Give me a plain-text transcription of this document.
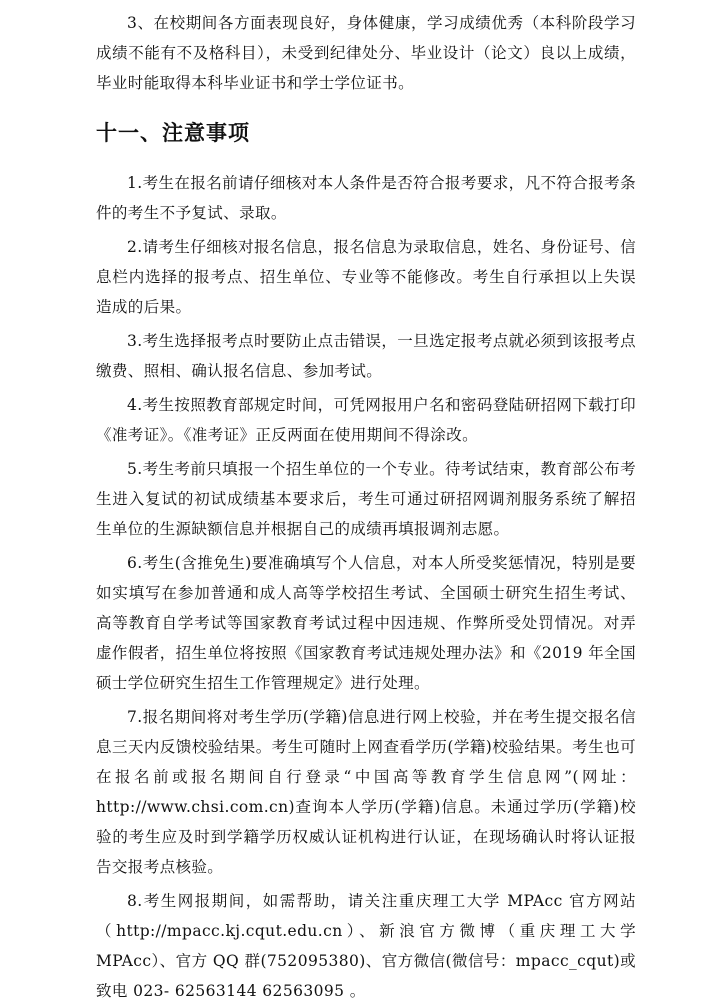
3、在校期间各方面表现良好，身体健康，学习成绩优秀（本科阶段学习成绩不能有不及格科目），未受到纪律处分、毕业设计（论文）良以上成绩，毕业时能取得本科毕业证书和学士学位证书。

十一、注意事项

1.考生在报名前请仔细核对本人条件是否符合报考要求，凡不符合报考条件的考生不予复试、录取。

2.请考生仔细核对报名信息，报名信息为录取信息，姓名、身份证号、信息栏内选择的报考点、招生单位、专业等不能修改。考生自行承担以上失误造成的后果。

3.考生选择报考点时要防止点击错误，一旦选定报考点就必须到该报考点缴费、照相、确认报名信息、参加考试。

4.考生按照教育部规定时间，可凭网报用户名和密码登陆研招网下载打印《准考证》。《准考证》正反两面在使用期间不得涂改。

5.考生考前只填报一个招生单位的一个专业。待考试结束，教育部公布考生进入复试的初试成绩基本要求后，考生可通过研招网调剂服务系统了解招生单位的生源缺额信息并根据自己的成绩再填报调剂志愿。

6.考生(含推免生)要准确填写个人信息，对本人所受奖惩情况，特别是要如实填写在参加普通和成人高等学校招生考试、全国硕士研究生招生考试、高等教育自学考试等国家教育考试过程中因违规、作弊所受处罚情况。对弄虚作假者，招生单位将按照《国家教育考试违规处理办法》和《2019 年全国硕士学位研究生招生工作管理规定》进行处理。

7.报名期间将对考生学历(学籍)信息进行网上校验，并在考生提交报名信息三天内反馈校验结果。考生可随时上网查看学历(学籍)校验结果。考生也可在报名前或报名期间自行登录“中国高等教育学生信息网”(网址：http://www.chsi.com.cn)查询本人学历(学籍)信息。未通过学历(学籍)校验的考生应及时到学籍学历权威认证机构进行认证，在现场确认时将认证报告交报考点核验。

8.考生网报期间，如需帮助，请关注重庆理工大学 MPAcc 官方网站（http://mpacc.kj.cqut.edu.cn）、新浪官方微博（重庆理工大学 MPAcc）、官方 QQ 群(752095380)、官方微信(微信号：mpacc_cqut)或致电 023- 62563144 62563095 。
